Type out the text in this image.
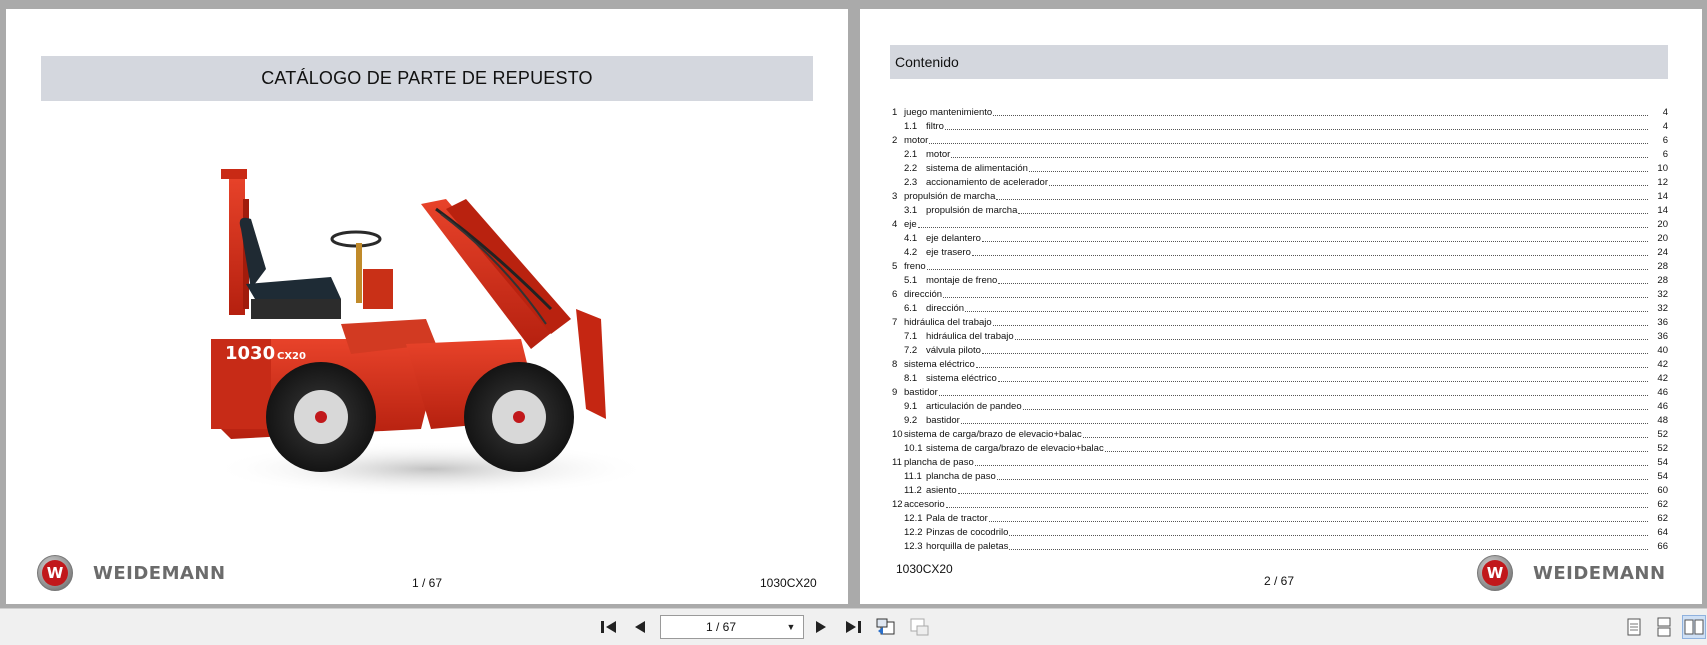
CATÁLOGO DE PARTE DE REPUESTO
1030 CX20
W WEIDEMANN	1 / 67	1030CX20
Contenido
1 juego mantenimiento	4
1.1 filtro	4
2 motor	6
2.1 motor	6
2.2 sistema de alimentación	10
2.3 accionamiento de acelerador	12
3 propulsión de marcha	14
3.1 propulsión de marcha	14
4 eje	20
4.1 eje delantero	20
4.2 eje trasero	24
5 freno	28
5.1 montaje de freno	28
6 dirección	32
6.1 dirección	32
7 hidráulica del trabajo	36
7.1 hidráulica del trabajo	36
7.2 válvula piloto	40
8 sistema eléctrico	42
8.1 sistema eléctrico	42
9 bastidor	46
9.1 articulación de pandeo	46
9.2 bastidor	48
10 sistema de carga/brazo de elevacio+balac	52
10.1 sistema de carga/brazo de elevacio+balac	52
11 plancha de paso	54
11.1 plancha de paso	54
11.2 asiento	60
12 accesorio	62
12.1 Pala de tractor	62
12.2 Pinzas de cocodrilo	64
12.3 horquilla de paletas	66
1030CX20
2 / 67	W WEIDEMANN
1 / 67
▼
